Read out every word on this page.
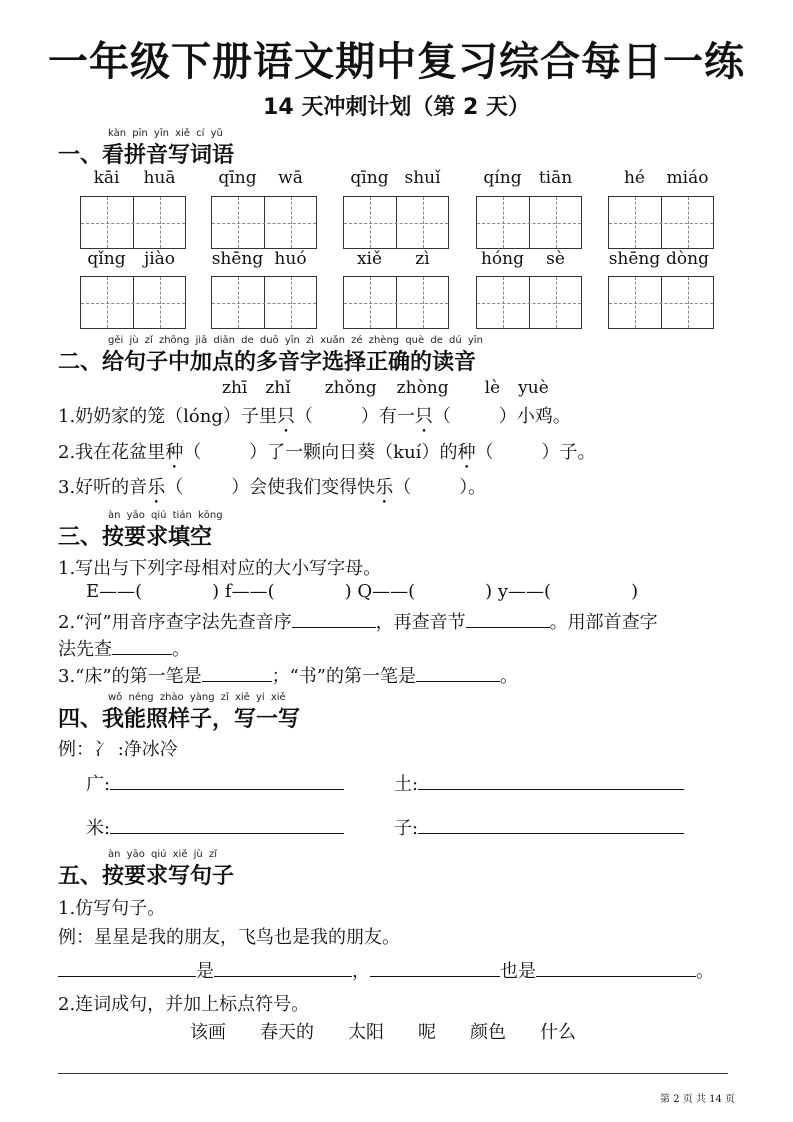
一年级下册语文期中复习综合每日一练
14 天冲刺计划（第 2 天）
kàn pīn yīn xiě cí yǔ
一、看拼音写词语
kāi	huā	qīng	wā	qīng shuǐ	qíng	tiān	hé	miáo
qǐng	jiào	shēng huó	xiě	zì	hóng	sè	shēng dòng
gěi jù zǐ zhōng jiā diǎn de duō yīn zì xuǎn zé zhèng què de dú yīn
二、给句子中加点的多音字选择正确的读音
zhī zhǐ zhǒng zhòng lè yuè
1.奶奶家的笼（lóng）子里只（	）有一只（	）小鸡。
2.我在花盆里种（	）了一颗向日葵（kuí）的种（	）子。
3.好听的音乐（	）会使我们变得快乐（	）。
àn yāo qiú tián kōng
三、按要求填空
1.写出与下列字母相对应的大小写字母。
E——(	) f——(	) Q——(	) y——(	)
2.“河”用音序查字法先查音序	，再查音节	。用部首查字
法先查	。
3.“床”的第一笔是	；“书”的第一笔是	。
wǒ néng zhào yàng zǐ xiě yi xiě
四、我能照样子，写一写
例：冫 :净冰冷
广:	土:
米:	子:
àn yāo qiú xiě jù zǐ
五、按要求写句子
1.仿写句子。
例：星星是我的朋友，飞鸟也是我的朋友。
是	，	也是	。
2.连词成句，并加上标点符号。
该画 春天的 太阳 呢 颜色 什么
第 2 页 共 14 页
